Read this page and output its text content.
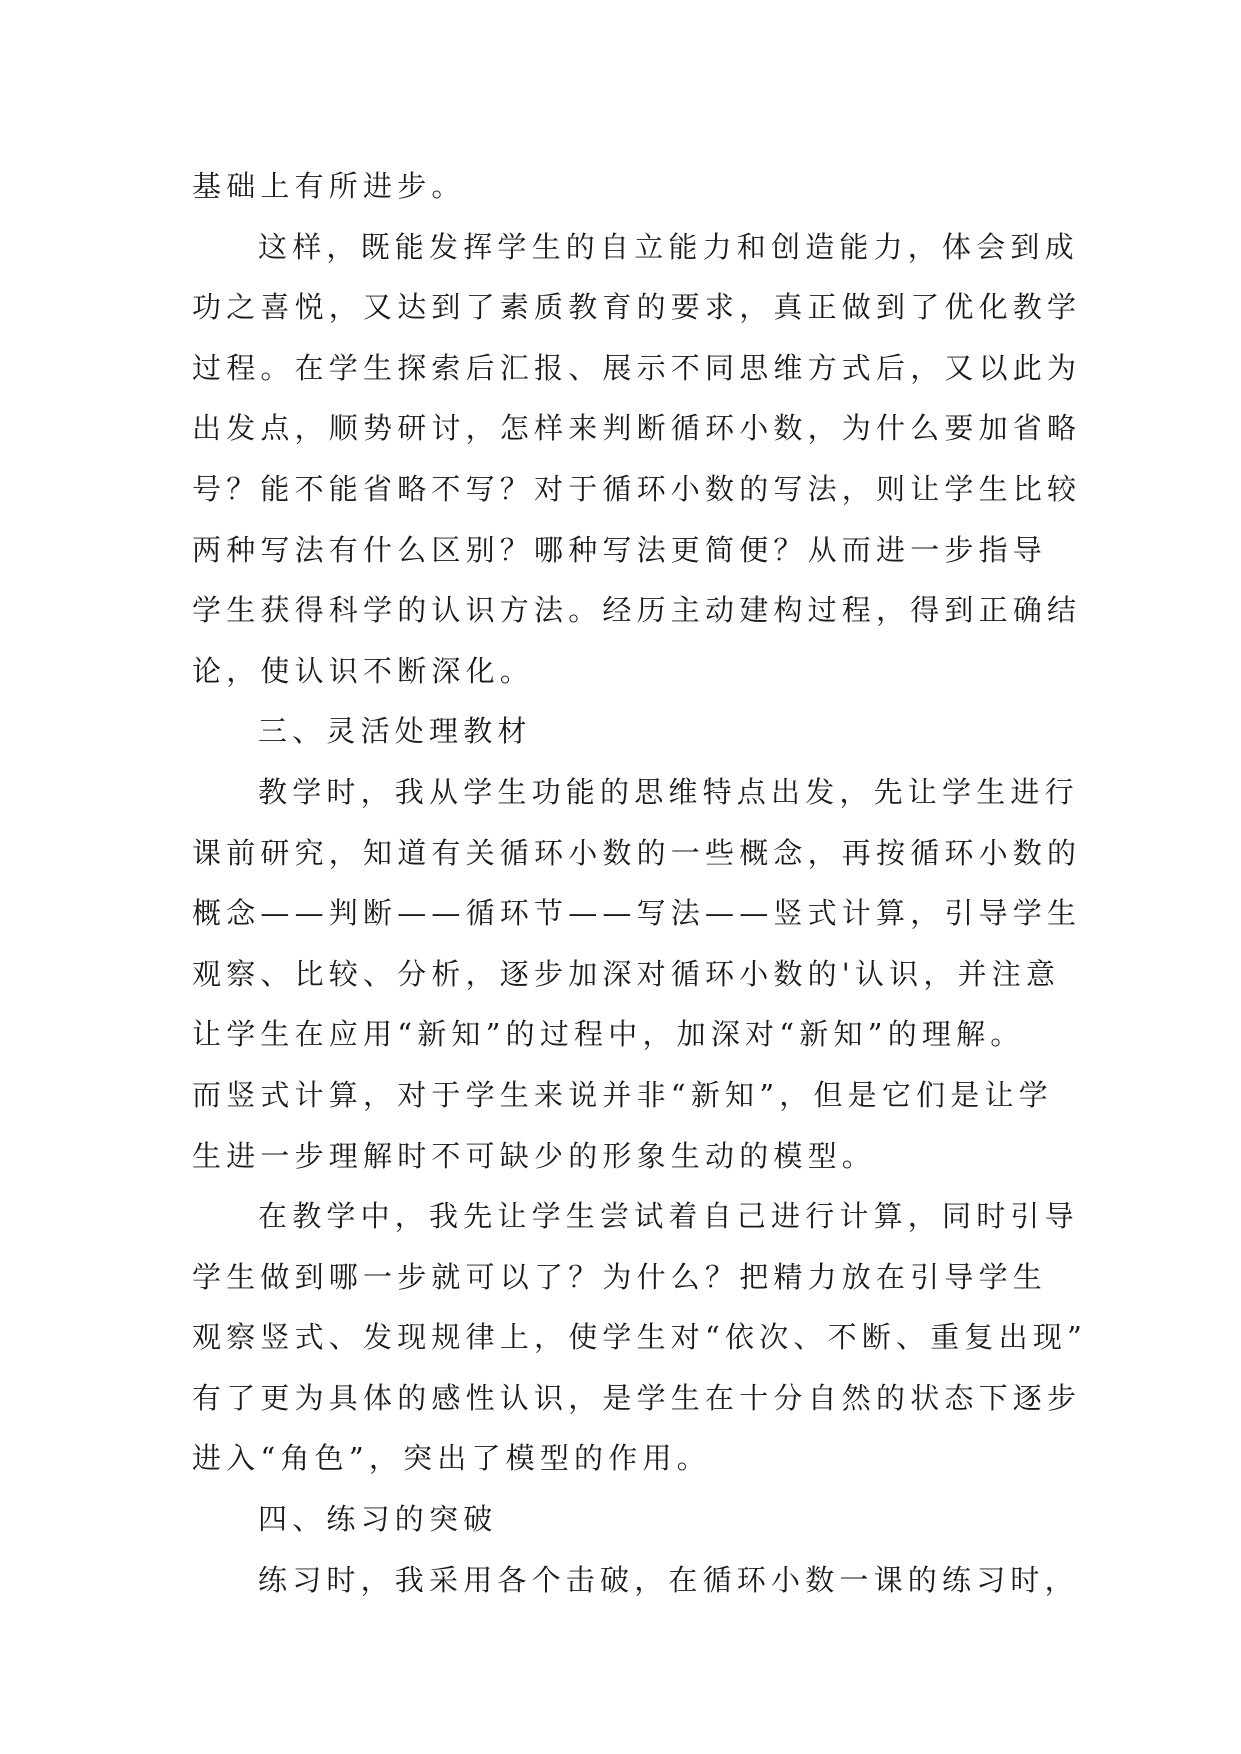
基础上有所进步。
这样，既能发挥学生的自立能力和创造能力，体会到成
功之喜悦，又达到了素质教育的要求，真正做到了优化教学
过程。在学生探索后汇报、展示不同思维方式后，又以此为
出发点，顺势研讨，怎样来判断循环小数，为什么要加省略
号？能不能省略不写？对于循环小数的写法，则让学生比较
两种写法有什么区别？哪种写法更简便？从而进一步指导
学生获得科学的认识方法。经历主动建构过程，得到正确结
论，使认识不断深化。
三、灵活处理教材
教学时，我从学生功能的思维特点出发，先让学生进行
课前研究，知道有关循环小数的一些概念，再按循环小数的
概念——判断——循环节——写法——竖式计算，引导学生
观察、比较、分析，逐步加深对循环小数的'认识，并注意
让学生在应用“新知”的过程中，加深对“新知”的理解。
而竖式计算，对于学生来说并非“新知”，但是它们是让学
生进一步理解时不可缺少的形象生动的模型。
在教学中，我先让学生尝试着自己进行计算，同时引导
学生做到哪一步就可以了？为什么？把精力放在引导学生
观察竖式、发现规律上，使学生对“依次、不断、重复出现”
有了更为具体的感性认识，是学生在十分自然的状态下逐步
进入“角色”，突出了模型的作用。
四、练习的突破
练习时，我采用各个击破，在循环小数一课的练习时，
